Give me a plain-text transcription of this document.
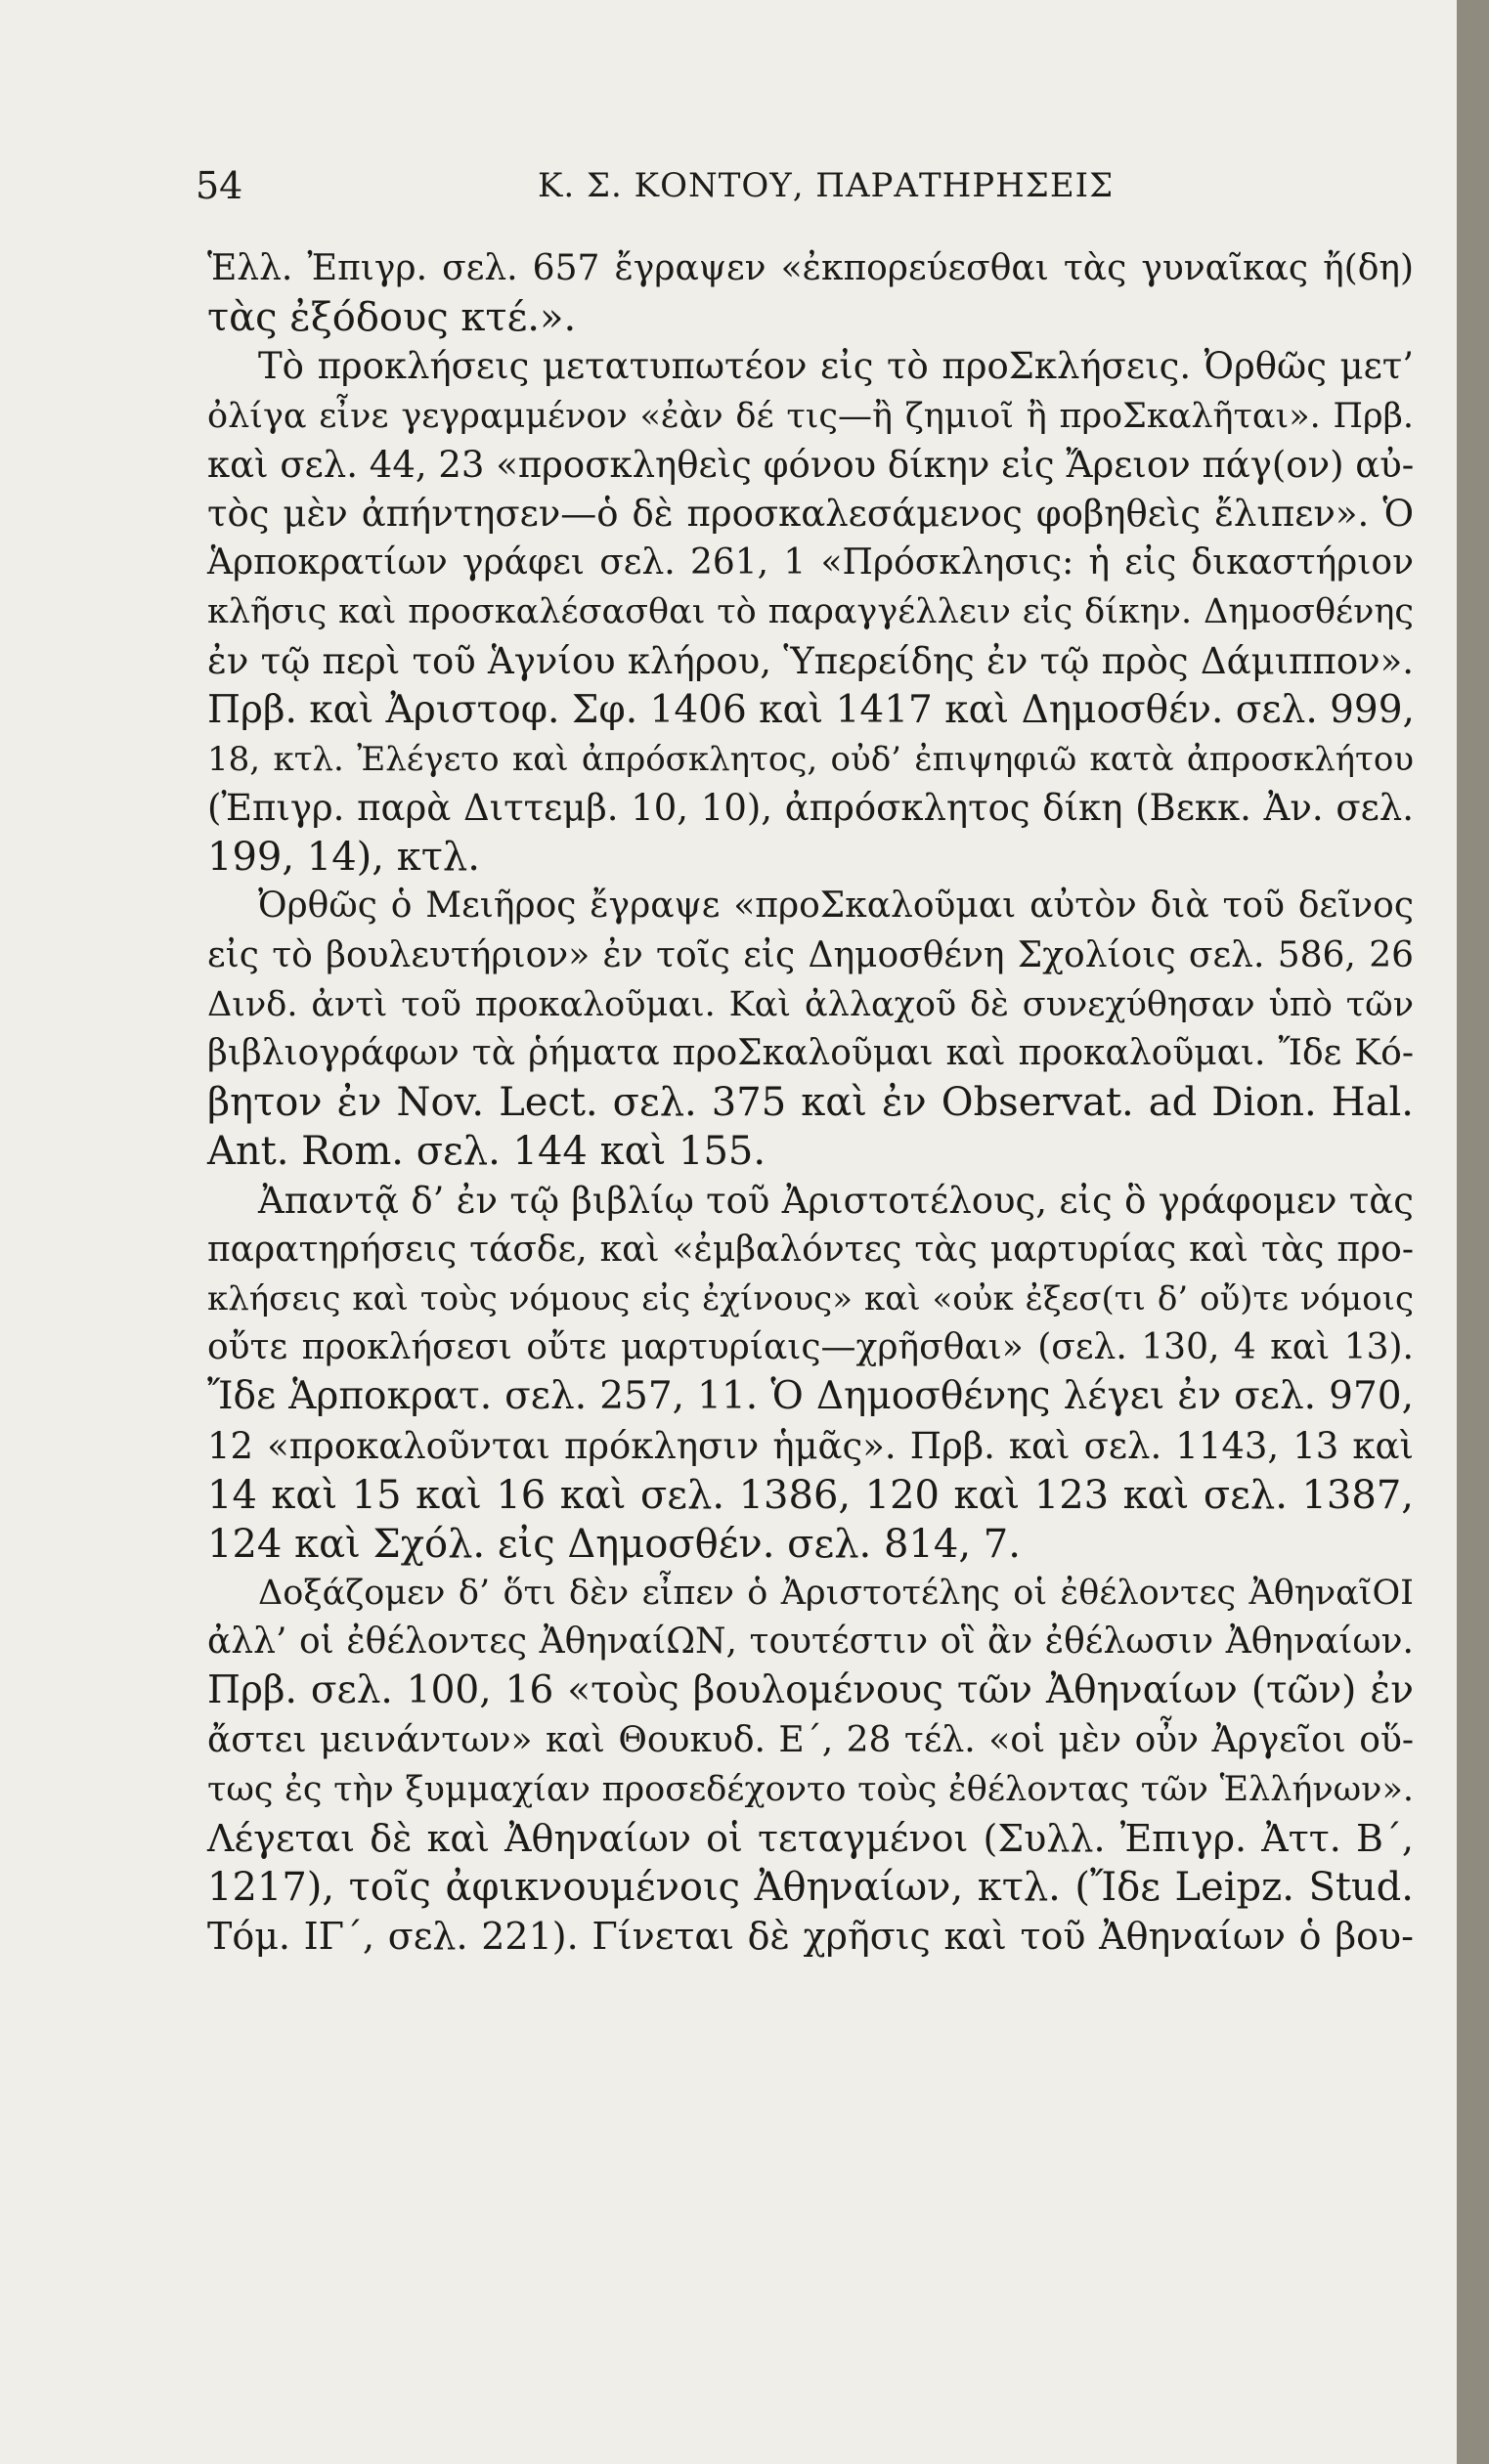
54	Κ. Σ. ΚΟΝΤΟΥ, ΠΑΡΑΤΗΡΗΣΕΙΣ
Ἑλλ. Ἐπιγρ. σελ. 657 ἔγραψεν «ἐκπορεύεσθαι τὰς γυναῖκας ἤ(δη)
τὰς ἐξόδους κτέ.».
Τὸ προκλήσεις μετατυπωτέον εἰς τὸ προΣκλήσεις. Ὀρθῶς μετ’
ὀλίγα εἶνε γεγραμμένον «ἐὰν δέ τις—ἢ ζημιοῖ ἢ προΣκαλῆται». Πρβ.
καὶ σελ. 44, 23 «προσκληθεὶς φόνου δίκην εἰς Ἄρειον πάγ(ον) αὐ-
τὸς μὲν ἀπήντησεν—ὁ δὲ προσκαλεσάμενος φοβηθεὶς ἔλιπεν». Ὁ
Ἁρποκρατίων γράφει σελ. 261, 1 «Πρόσκλησις: ἡ εἰς δικαστήριον
κλῆσις καὶ προσκαλέσασθαι τὸ παραγγέλλειν εἰς δίκην. Δημοσθένης
ἐν τῷ περὶ τοῦ Ἁγνίου κλήρου, Ὑπερείδης ἐν τῷ πρὸς Δάμιππον».
Πρβ. καὶ Ἀριστοφ. Σφ. 1406 καὶ 1417 καὶ Δημοσθέν. σελ. 999,
18, κτλ. Ἐλέγετο καὶ ἀπρόσκλητος, οὐδ’ ἐπιψηφιῶ κατὰ ἀπροσκλήτου
(Ἐπιγρ. παρὰ Διττεμβ. 10, 10), ἀπρόσκλητος δίκη (Βεκκ. Ἀν. σελ.
199, 14), κτλ.
Ὀρθῶς ὁ Μειῆρος ἔγραψε «προΣκαλοῦμαι αὐτὸν διὰ τοῦ δεῖνος
εἰς τὸ βουλευτήριον» ἐν τοῖς εἰς Δημοσθένη Σχολίοις σελ. 586, 26
Δινδ. ἀντὶ τοῦ προκαλοῦμαι. Καὶ ἀλλαχοῦ δὲ συνεχύθησαν ὑπὸ τῶν
βιβλιογράφων τὰ ῥήματα προΣκαλοῦμαι καὶ προκαλοῦμαι. Ἴδε Κό-
βητον ἐν Nov. Lect. σελ. 375 καὶ ἐν Observat. ad Dion. Hal.
Ant. Rom. σελ. 144 καὶ 155.
Ἀπαντᾷ δ’ ἐν τῷ βιβλίῳ τοῦ Ἀριστοτέλους, εἰς ὃ γράφομεν τὰς
παρατηρήσεις τάσδε, καὶ «ἐμβαλόντες τὰς μαρτυρίας καὶ τὰς προ-
κλήσεις καὶ τοὺς νόμους εἰς ἐχίνους» καὶ «οὐκ ἐξεσ(τι δ’ οὔ)τε νόμοις
οὔτε προκλήσεσι οὔτε μαρτυρίαις—χρῆσθαι» (σελ. 130, 4 καὶ 13).
Ἴδε Ἁρποκρατ. σελ. 257, 11. Ὁ Δημοσθένης λέγει ἐν σελ. 970,
12 «προκαλοῦνται πρόκλησιν ἡμᾶς». Πρβ. καὶ σελ. 1143, 13 καὶ
14 καὶ 15 καὶ 16 καὶ σελ. 1386, 120 καὶ 123 καὶ σελ. 1387,
124 καὶ Σχόλ. εἰς Δημοσθέν. σελ. 814, 7.
Δοξάζομεν δ’ ὅτι δὲν εἶπεν ὁ Ἀριστοτέλης οἱ ἐθέλοντες ἈθηναῖΟΙ
ἀλλ’ οἱ ἐθέλοντες ἈθηναίΩΝ, τουτέστιν οἳ ἂν ἐθέλωσιν Ἀθηναίων.
Πρβ. σελ. 100, 16 «τοὺς βουλομένους τῶν Ἀθηναίων (τῶν) ἐν
ἄστει μεινάντων» καὶ Θουκυδ. Ε΄, 28 τέλ. «οἱ μὲν οὖν Ἀργεῖοι οὕ-
τως ἐς τὴν ξυμμαχίαν προσεδέχοντο τοὺς ἐθέλοντας τῶν Ἑλλήνων».
Λέγεται δὲ καὶ Ἀθηναίων οἱ τεταγμένοι (Συλλ. Ἐπιγρ. Ἀττ. Β΄,
1217), τοῖς ἀφικνουμένοις Ἀθηναίων, κτλ. (Ἴδε Leipz. Stud.
Τόμ. ΙΓ΄, σελ. 221). Γίνεται δὲ χρῆσις καὶ τοῦ Ἀθηναίων ὁ βου-
